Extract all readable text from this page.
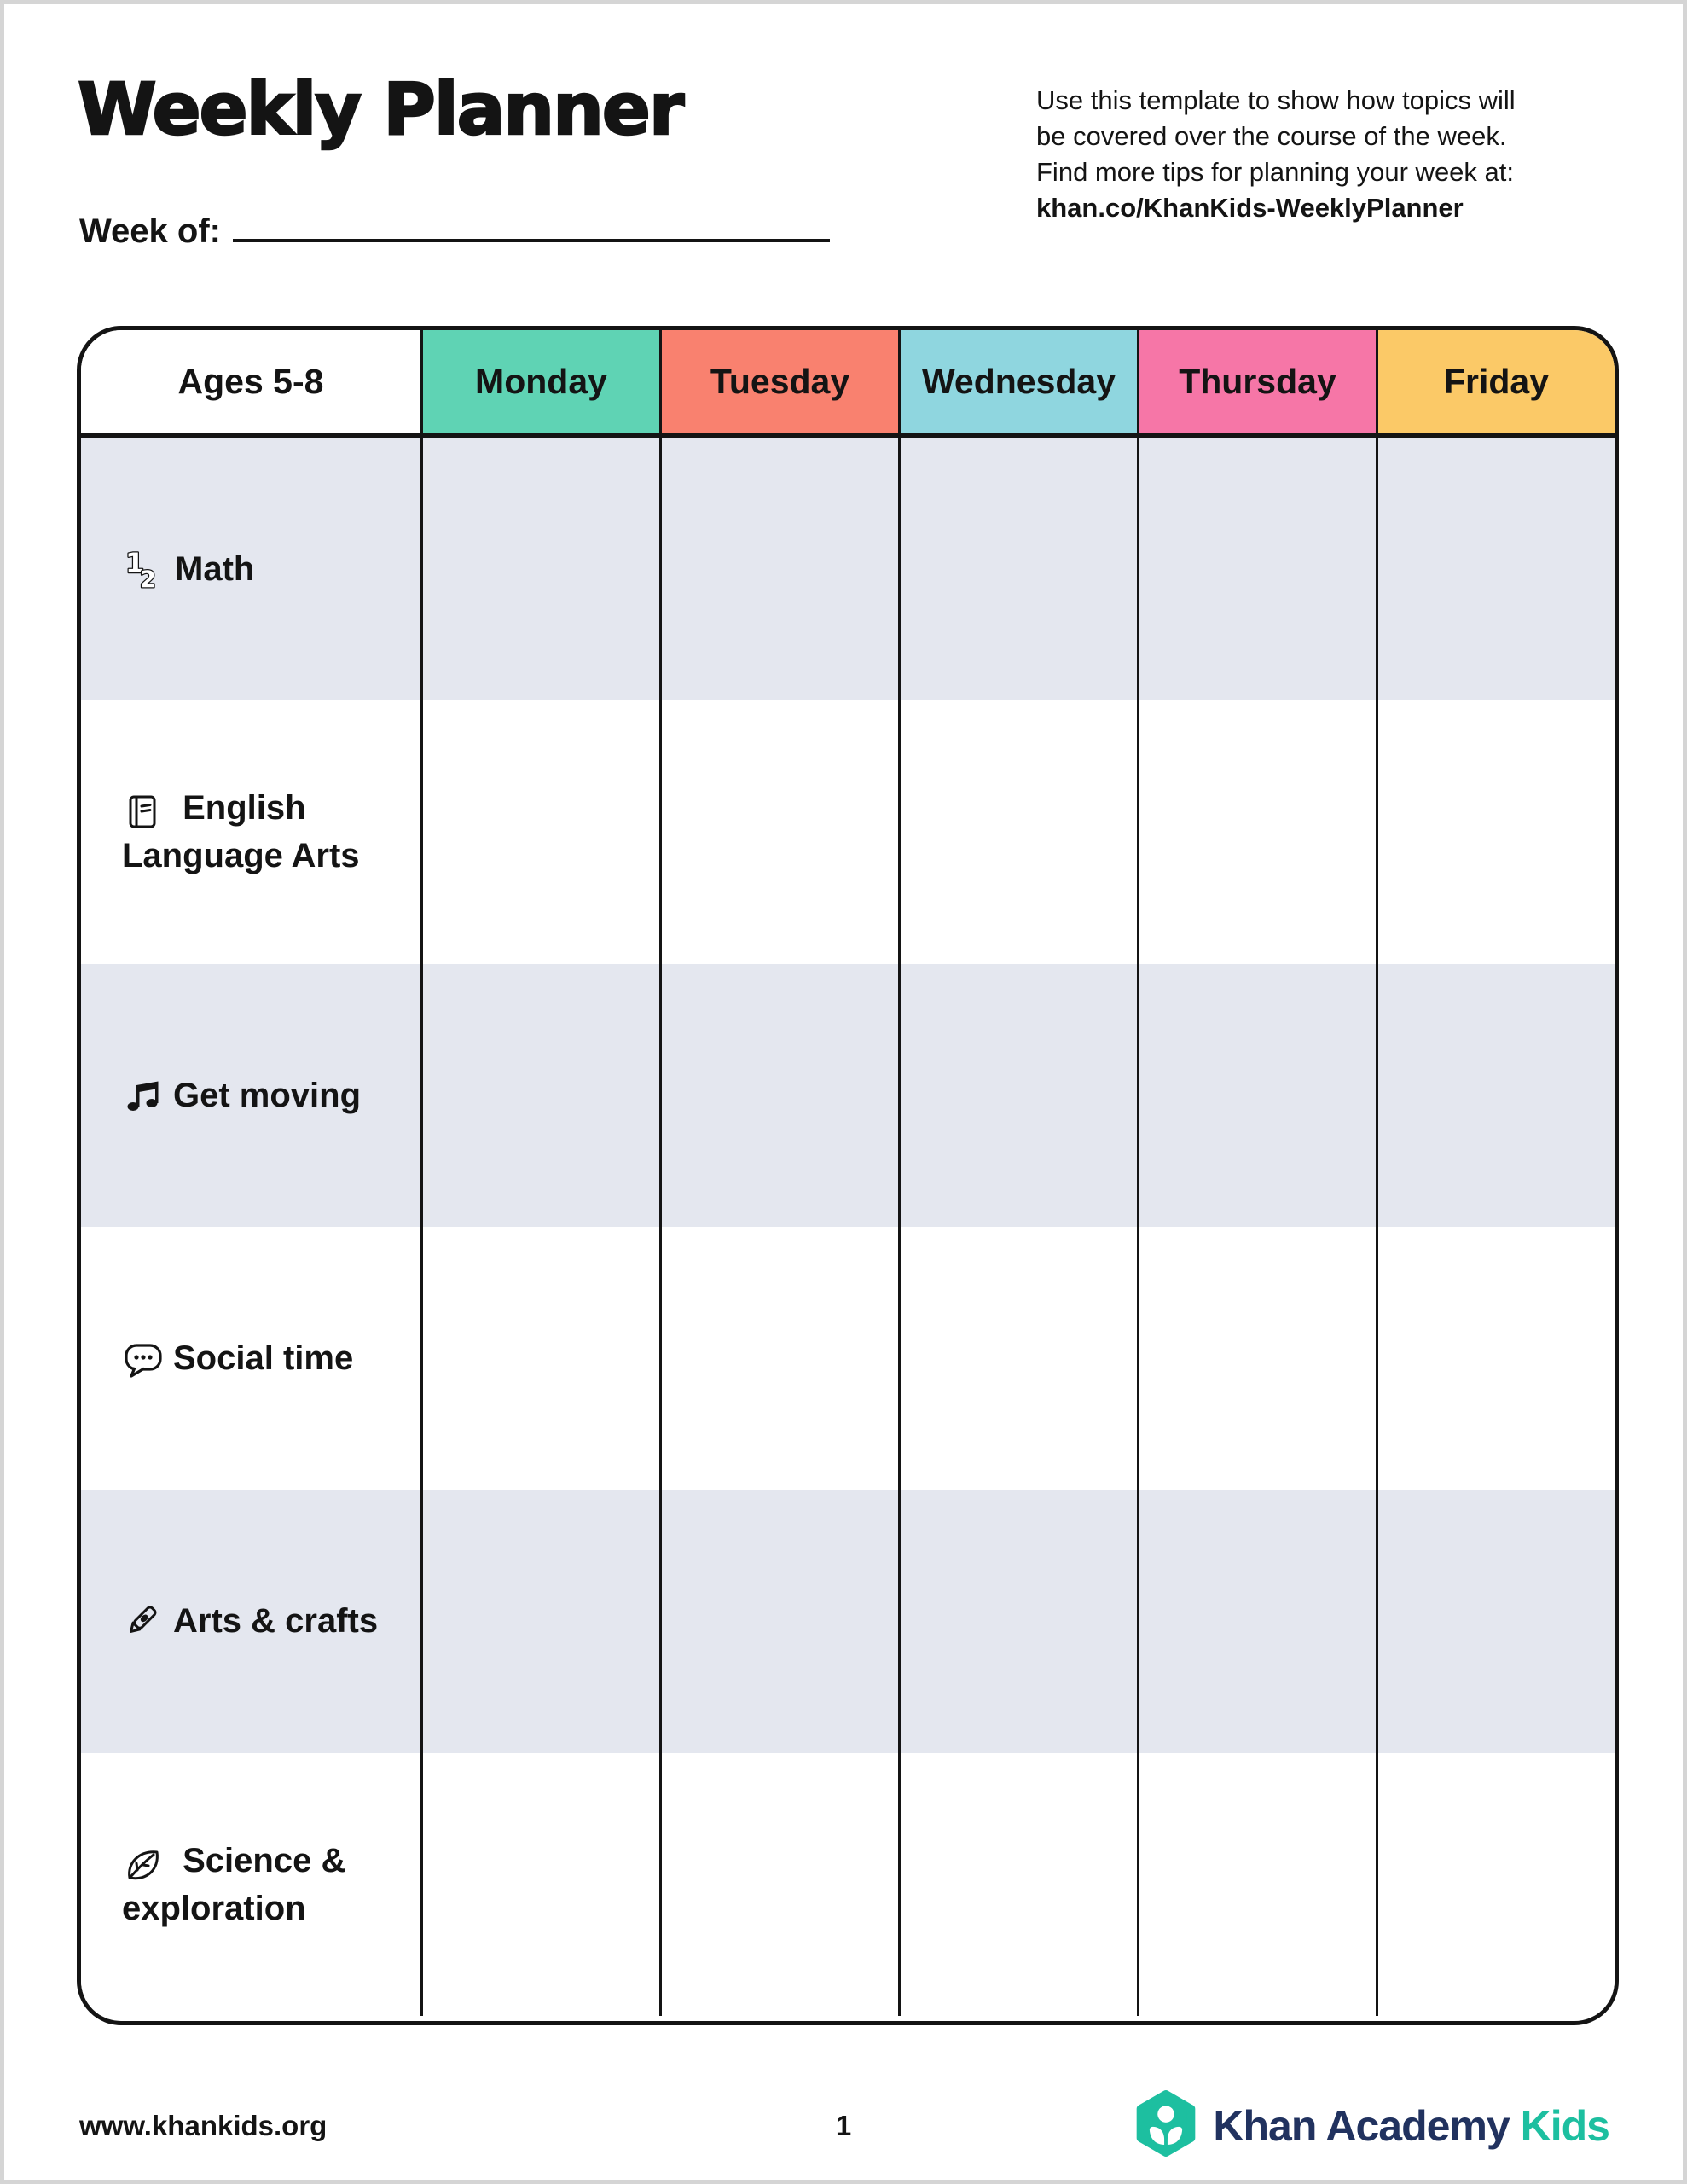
Weekly Planner
Week of:
Use this template to show how topics will
be covered over the course of the week.
Find more tips for planning your week at:
khan.co/KhanKids-WeeklyPlanner
Ages 5-8	Monday	Tuesday	Wednesday	Thursday	Friday
1
2 Math
English Language Arts
Get moving
Social time
Arts & crafts
Science & exploration
www.khankids.org	1	Khan Academy Kids
